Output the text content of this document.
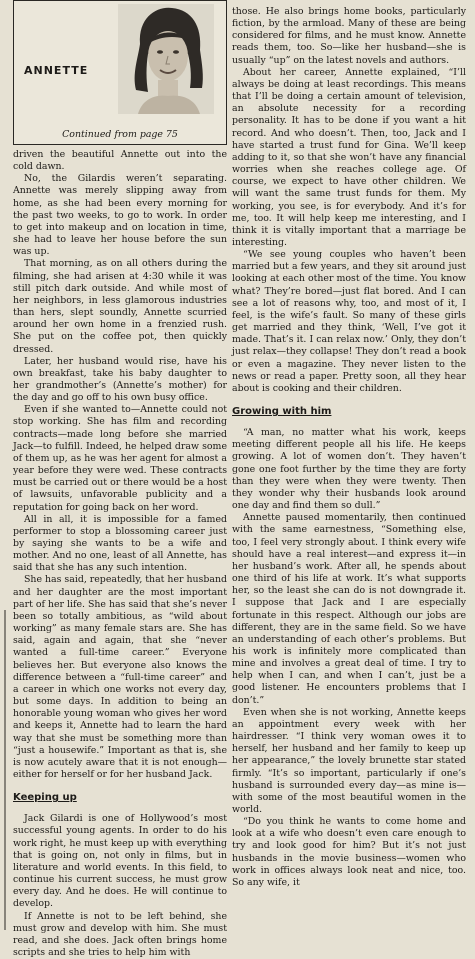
ANNETTE
Continued from page 75

driven the beautiful Annette out into the cold dawn.

No, the Gilardis weren’t separating. Annette was merely slipping away from home, as she had been every morning for the past two weeks, to go to work. In order to get into makeup and on location in time, she had to leave her house before the sun was up.

That morning, as on all others during the filming, she had arisen at 4:30 while it was still pitch dark outside. And while most of her neighbors, in less glamorous industries than hers, slept soundly, Annette scurried around her own home in a frenzied rush. She put on the coffee pot, then quickly dressed.

Later, her husband would rise, have his own breakfast, take his baby daughter to her grandmother’s (Annette’s mother) for the day and go off to his own busy office.

Even if she wanted to—Annette could not stop working. She has film and recording contracts—made long before she married Jack—to fulfill. Indeed, he helped draw some of them up, as he was her agent for almost a year before they were wed. These contracts must be carried out or there would be a host of lawsuits, unfavorable publicity and a reputation for going back on her word.

All in all, it is impossible for a famed performer to stop a blossoming career just by saying she wants to be a wife and mother. And no one, least of all Annette, has said that she has any such intention.

She has said, repeatedly, that her husband and her daughter are the most important part of her life. She has said that she’s never been so totally ambitious, as “wild about working” as many female stars are. She has said, again and again, that she “never wanted a full-time career.” Everyone believes her. But everyone also knows the difference between a “full-time career” and a career in which one works not every day, but some days. In addition to being an honorable young woman who gives her word and keeps it, Annette had to learn the hard way that she must be something more than “just a housewife.” Important as that is, she is now acutely aware that it is not enough—either for herself or for her husband Jack.

Keeping up

Jack Gilardi is one of Hollywood’s most successful young agents. In order to do his work right, he must keep up with everything that is going on, not only in films, but in literature and world events. In this field, to continue his current success, he must grow every day. And he does. He will continue to develop.

If Annette is not to be left behind, she must grow and develop with him. She must read, and she does. Jack often brings home scripts and she tries to help him with

those. He also brings home books, particularly fiction, by the armload. Many of these are being considered for films, and he must know. Annette reads them, too. So—like her husband—she is usually “up” on the latest novels and authors.

About her career, Annette explained, “I’ll always be doing at least recordings. This means that I’ll be doing a certain amount of television, an absolute necessity for a recording personality. It has to be done if you want a hit record. And who doesn’t. Then, too, Jack and I have started a trust fund for Gina. We’ll keep adding to it, so that she won’t have any financial worries when she reaches college age. Of course, we expect to have other children. We will want the same trust funds for them. My working, you see, is for everybody. And it’s for me, too. It will help keep me interesting, and I think it is vitally important that a marriage be interesting.

“We see young couples who haven’t been married but a few years, and they sit around just looking at each other most of the time. You know what? They’re bored—just flat bored. And I can see a lot of reasons why, too, and most of it, I feel, is the wife’s fault. So many of these girls get married and they think, ‘Well, I’ve got it made. That’s it. I can relax now.’ Only, they don’t just relax—they collapse! They don’t read a book or even a magazine. They never listen to the news or read a paper. Pretty soon, all they hear about is cooking and their children.

Growing with him

“A man, no matter what his work, keeps meeting different people all his life. He keeps growing. A lot of women don’t. They haven’t gone one foot further by the time they are forty than they were when they were twenty. Then they wonder why their husbands look around one day and find them so dull.”

Annette paused momentarily, then continued with the same earnestness, “Something else, too, I feel very strongly about. I think every wife should have a real interest—and express it—in her husband’s work. After all, he spends about one third of his life at work. It’s what supports her, so the least she can do is not downgrade it. I suppose that Jack and I are especially fortunate in this respect. Although our jobs are different, they are in the same field. So we have an understanding of each other’s problems. But his work is infinitely more complicated than mine and involves a great deal of time. I try to help when I can, and when I can’t, just be a good listener. He encounters problems that I don’t.”

Even when she is not working, Annette keeps an appointment every week with her hairdresser. “I think very woman owes it to herself, her husband and her family to keep up her appearance,” the lovely brunette star stated firmly. “It’s so important, particularly if one’s husband is surrounded every day—as mine is—with some of the most beautiful women in the world.

“Do you think he wants to come home and look at a wife who doesn’t even care enough to try and look good for him? But it’s not just husbands in the movie business—women who work in offices always look neat and nice, too. So any wife, it
